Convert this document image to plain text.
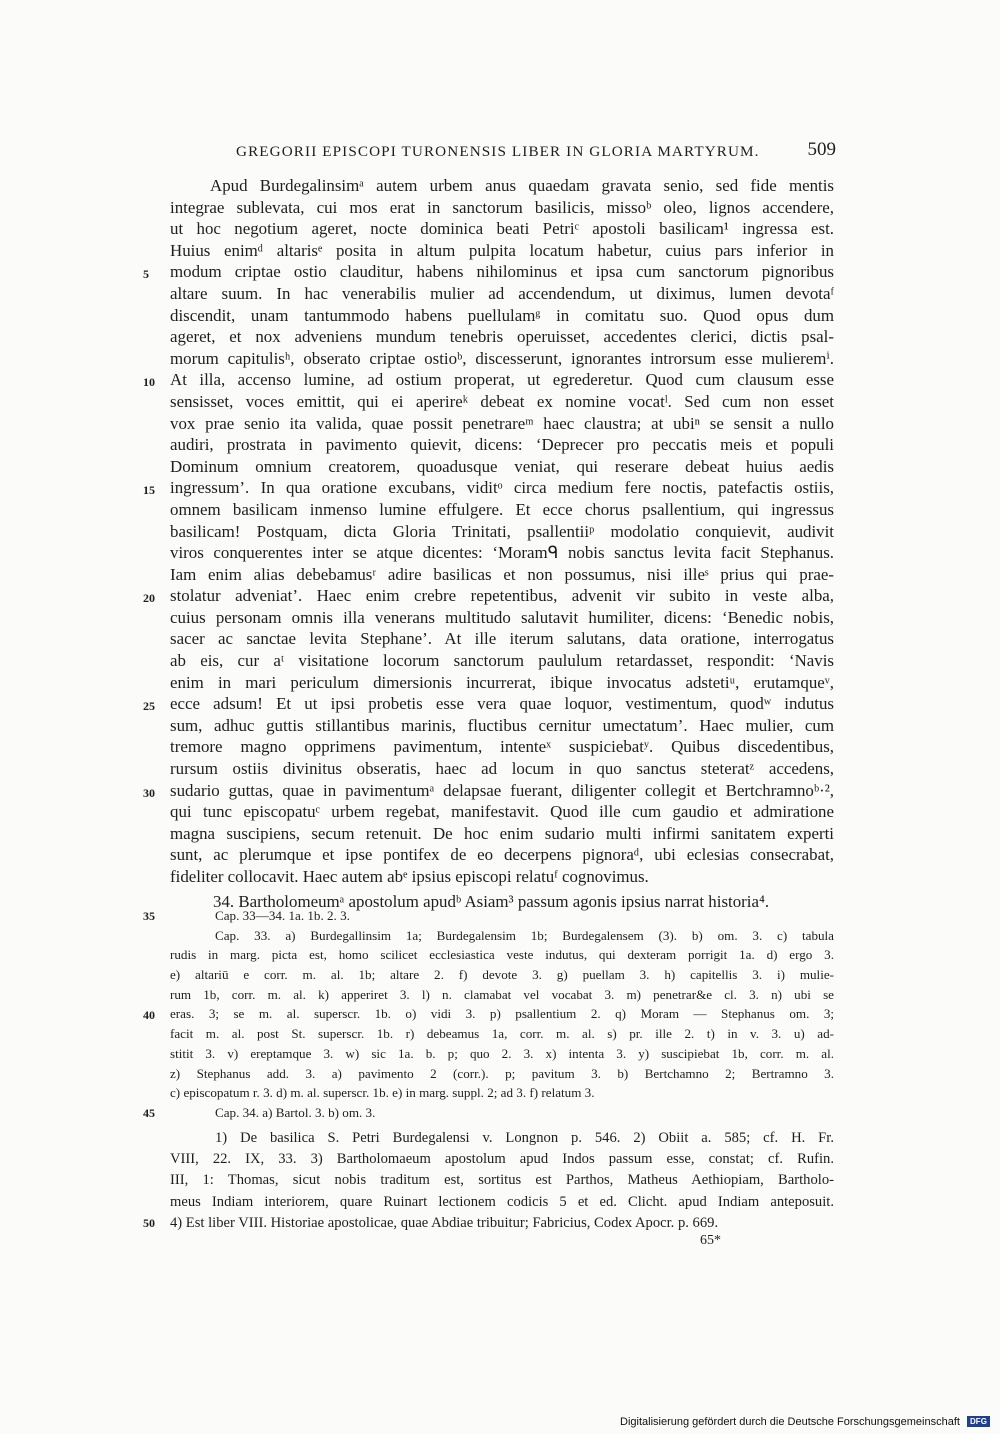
GREGORII EPISCOPI TURONENSIS LIBER IN GLORIA MARTYRUM.	509
Apud Burdegalinsimᵃ autem urbem anus quaedam gravata senio, sed fide mentis
integrae sublevata, cui mos erat in sanctorum basilicis, missoᵇ oleo, lignos accendere,
ut hoc negotium ageret, nocte dominica beati Petriᶜ apostoli basilicam¹ ingressa est.
Huius enimᵈ altarisᵉ posita in altum pulpita locatum habetur, cuius pars inferior in
modum criptae ostio clauditur, habens nihilominus et ipsa cum sanctorum pignoribus
altare suum. In hac venerabilis mulier ad accendendum, ut diximus, lumen devotaᶠ
discendit, unam tantummodo habens puellulamᵍ in comitatu suo. Quod opus dum
ageret, et nox adveniens mundum tenebris operuisset, accedentes clerici, dictis psal-
morum capitulisʰ, obserato criptae ostioᵇ, discesserunt, ignorantes introrsum esse mulieremⁱ.
At illa, accenso lumine, ad ostium properat, ut egrederetur. Quod cum clausum esse
sensisset, voces emittit, qui ei aperireᵏ debeat ex nomine vocatˡ. Sed cum non esset
vox prae senio ita valida, quae possit penetrareᵐ haec claustra; at ubiⁿ se sensit a nullo
audiri, prostrata in pavimento quievit, dicens: ‘Deprecer pro peccatis meis et populi
Dominum omnium creatorem, quoadusque veniat, qui reserare debeat huius aedis
ingressum’. In qua oratione excubans, viditᵒ circa medium fere noctis, patefactis ostiis,
omnem basilicam inmenso lumine effulgere. Et ecce chorus psallentium, qui ingressus
basilicam! Postquam, dicta Gloria Trinitati, psallentiiᵖ modolatio conquievit, audivit
viros conquerentes inter se atque dicentes: ‘Moramᑫ nobis sanctus levita facit Stephanus.
Iam enim alias debebamusʳ adire basilicas et non possumus, nisi illeˢ prius qui prae-
stolatur adveniat’. Haec enim crebre repetentibus, advenit vir subito in veste alba,
cuius personam omnis illa venerans multitudo salutavit humiliter, dicens: ‘Benedic nobis,
sacer ac sanctae levita Stephane’. At ille iterum salutans, data oratione, interrogatus
ab eis, cur aᵗ visitatione locorum sanctorum paululum retardasset, respondit: ‘Navis
enim in mari periculum dimersionis incurrerat, ibique invocatus adstetiᵘ, erutamqueᵛ,
ecce adsum! Et ut ipsi probetis esse vera quae loquor, vestimentum, quodʷ indutus
sum, adhuc guttis stillantibus marinis, fluctibus cernitur umectatum’. Haec mulier, cum
tremore magno opprimens pavimentum, intenteˣ suspiciebatʸ. Quibus discedentibus,
rursum ostiis divinitus obseratis, haec ad locum in quo sanctus steteratᶻ accedens,
sudario guttas, quae in pavimentumᵃ delapsae fuerant, diligenter collegit et Bertchramnoᵇ·²,
qui tunc episcopatuᶜ urbem regebat, manifestavit. Quod ille cum gaudio et admiratione
magna suscipiens, secum retenuit. De hoc enim sudario multi infirmi sanitatem experti
sunt, ac plerumque et ipse pontifex de eo decerpens pignoraᵈ, ubi eclesias consecrabat,
fideliter collocavit. Haec autem abᵉ ipsius episcopi relatuᶠ cognovimus.
34. Bartholomeumᵃ apostolum apudᵇ Asiam³ passum agonis ipsius narrat historia⁴.
5
10
15
20
25
30
Cap. 33—34. 1a. 1b. 2. 3.
Cap. 33. a) Burdegallinsim 1a; Burdegalensim 1b; Burdegalensem (3). b) om. 3. c) tabula
rudis in marg. picta est, homo scilicet ecclesiastica veste indutus, qui dexteram porrigit 1a. d) ergo 3.
e) altariū e corr. m. al. 1b; altare 2. f) devote 3. g) puellam 3. h) capitellis 3. i) mulie-
rum 1b, corr. m. al. k) apperiret 3. l) n. clamabat vel vocabat 3. m) penetrar&e cl. 3. n) ubi se
eras. 3; se m. al. superscr. 1b. o) vidi 3. p) psallentium 2. q) Moram — Stephanus om. 3;
facit m. al. post St. superscr. 1b. r) debeamus 1a, corr. m. al. s) pr. ille 2. t) in v. 3. u) ad-
stitit 3. v) ereptamque 3. w) sic 1a. b. p; quo 2. 3. x) intenta 3. y) suscipiebat 1b, corr. m. al.
z) Stephanus add. 3. a) pavimento 2 (corr.). p; pavitum 3. b) Bertchamno 2; Bertramno 3.
c) episcopatum r. 3. d) m. al. superscr. 1b. e) in marg. suppl. 2; ad 3. f) relatum 3.
Cap. 34. a) Bartol. 3. b) om. 3.
35
40
45
1) De basilica S. Petri Burdegalensi v. Longnon p. 546. 2) Obiit a. 585; cf. H. Fr.
VIII, 22. IX, 33. 3) Bartholomaeum apostolum apud Indos passum esse, constat; cf. Rufin.
III, 1: Thomas, sicut nobis traditum est, sortitus est Parthos, Matheus Aethiopiam, Bartholo-
meus Indiam interiorem, quare Ruinart lectionem codicis 5 et ed. Clicht. apud Indiam anteposuit.
4) Est liber VIII. Historiae apostolicae, quae Abdiae tribuitur; Fabricius, Codex Apocr. p. 669.
50
65*
Digitalisierung gefördert durch die Deutsche Forschungsgemeinschaft DFG
